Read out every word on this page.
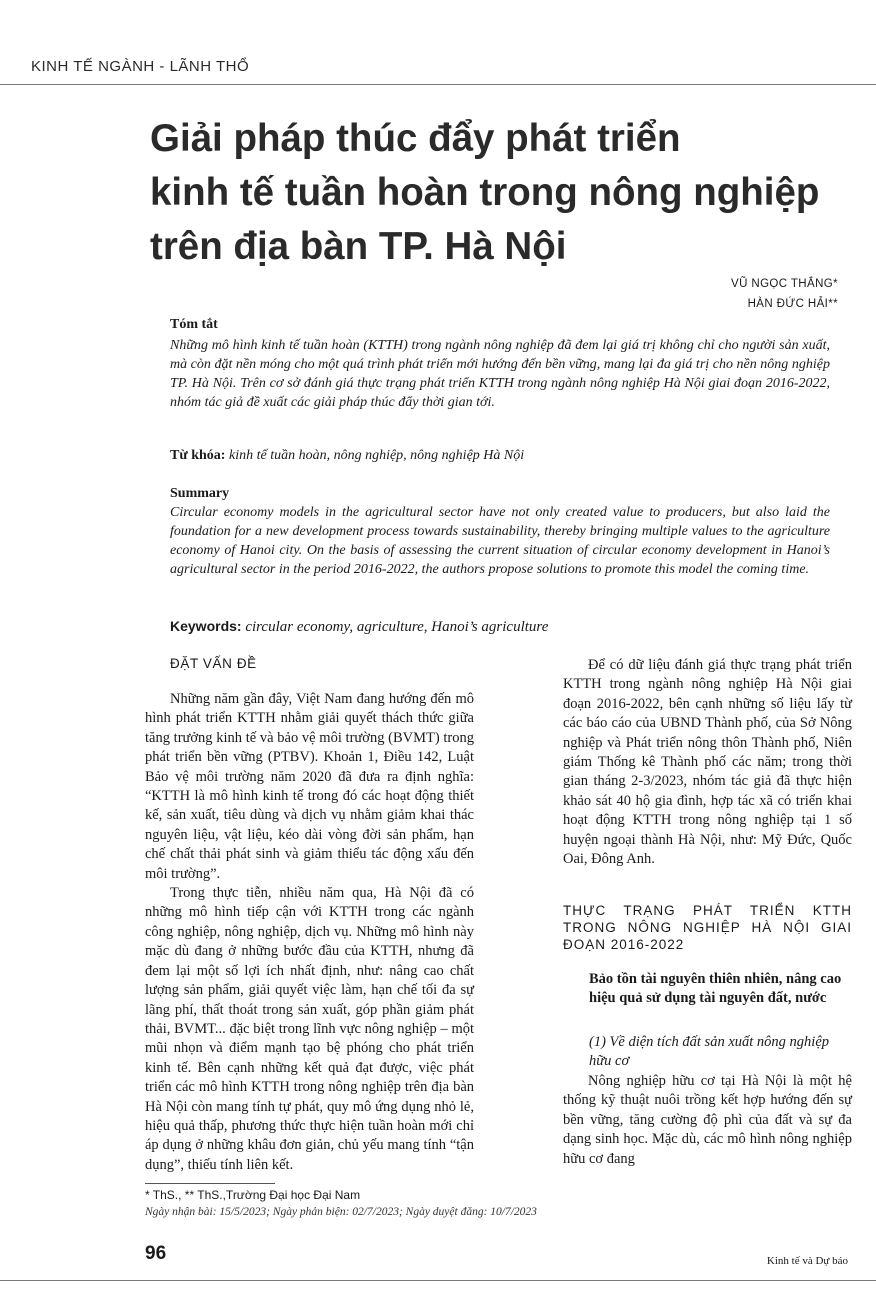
KINH TẾ NGÀNH - LÃNH THỔ
Giải pháp thúc đẩy phát triển
kinh tế tuần hoàn trong nông nghiệp
trên địa bàn TP. Hà Nội
VŨ NGỌC THẮNG*
HÀN ĐỨC HẢI**
Tóm tắt
Những mô hình kinh tế tuần hoàn (KTTH) trong ngành nông nghiệp đã đem lại giá trị không chỉ cho người sản xuất, mà còn đặt nền móng cho một quá trình phát triển mới hướng đến bền vững, mang lại đa giá trị cho nền nông nghiệp TP. Hà Nội. Trên cơ sở đánh giá thực trạng phát triển KTTH trong ngành nông nghiệp Hà Nội giai đoạn 2016-2022, nhóm tác giả đề xuất các giải pháp thúc đẩy thời gian tới.
Từ khóa: kinh tế tuần hoàn, nông nghiệp, nông nghiệp Hà Nội
Summary
Circular economy models in the agricultural sector have not only created value to producers, but also laid the foundation for a new development process towards sustainability, thereby bringing multiple values to the agriculture economy of Hanoi city. On the basis of assessing the current situation of circular economy development in Hanoi’s agricultural sector in the period 2016-2022, the authors propose solutions to promote this model the coming time.
Keywords: circular economy, agriculture, Hanoi’s agriculture
ĐẶT VẤN ĐỀ

Những năm gần đây, Việt Nam đang hướng đến mô hình phát triển KTTH nhằm giải quyết thách thức giữa tăng trưởng kinh tế và bảo vệ môi trường (BVMT) trong phát triển bền vững (PTBV). Khoản 1, Điều 142, Luật Bảo vệ môi trường năm 2020 đã đưa ra định nghĩa: “KTTH là mô hình kinh tế trong đó các hoạt động thiết kế, sản xuất, tiêu dùng và dịch vụ nhằm giảm khai thác nguyên liệu, vật liệu, kéo dài vòng đời sản phẩm, hạn chế chất thải phát sinh và giảm thiểu tác động xấu đến môi trường”.

Trong thực tiễn, nhiều năm qua, Hà Nội đã có những mô hình tiếp cận với KTTH trong các ngành công nghiệp, nông nghiệp, dịch vụ. Những mô hình này mặc dù đang ở những bước đầu của KTTH, nhưng đã đem lại một số lợi ích nhất định, như: nâng cao chất lượng sản phẩm, giải quyết việc làm, hạn chế tối đa sự lãng phí, thất thoát trong sản xuất, góp phần giảm phát thải, BVMT... đặc biệt trong lĩnh vực nông nghiệp – một mũi nhọn và điểm mạnh tạo bệ phóng cho phát triển kinh tế. Bên cạnh những kết quả đạt được, việc phát triển các mô hình KTTH trong nông nghiệp trên địa bàn Hà Nội còn mang tính tự phát, quy mô ứng dụng nhỏ lẻ, hiệu quả thấp, phương thức thực hiện tuần hoàn mới chỉ áp dụng ở những khâu đơn giản, chủ yếu mang tính “tận dụng”, thiếu tính liên kết.

Để có dữ liệu đánh giá thực trạng phát triển KTTH trong ngành nông nghiệp Hà Nội giai đoạn 2016-2022, bên cạnh những số liệu lấy từ các báo cáo của UBND Thành phố, của Sở Nông nghiệp và Phát triển nông thôn Thành phố, Niên giám Thống kê Thành phố các năm; trong thời gian tháng 2-3/2023, nhóm tác giả đã thực hiện khảo sát 40 hộ gia đình, hợp tác xã có triển khai hoạt động KTTH trong nông nghiệp tại 1 số huyện ngoại thành Hà Nội, như: Mỹ Đức, Quốc Oai, Đông Anh.

THỰC TRẠNG PHÁT TRIỂN KTTH TRONG NÔNG NGHIỆP HÀ NỘI GIAI ĐOẠN 2016-2022
Bảo tồn tài nguyên thiên nhiên, nâng cao hiệu quả sử dụng tài nguyên đất, nước
(1) Về diện tích đất sản xuất nông nghiệp hữu cơ

Nông nghiệp hữu cơ tại Hà Nội là một hệ thống kỹ thuật nuôi trồng kết hợp hướng đến sự bền vững, tăng cường độ phì của đất và sự đa dạng sinh học. Mặc dù, các mô hình nông nghiệp hữu cơ đang

* ThS., ** ThS.,Trường Đại học Đại Nam
Ngày nhận bài: 15/5/2023; Ngày phản biện: 02/7/2023; Ngày duyệt đăng: 10/7/2023
96	Kinh tế và Dự báo
